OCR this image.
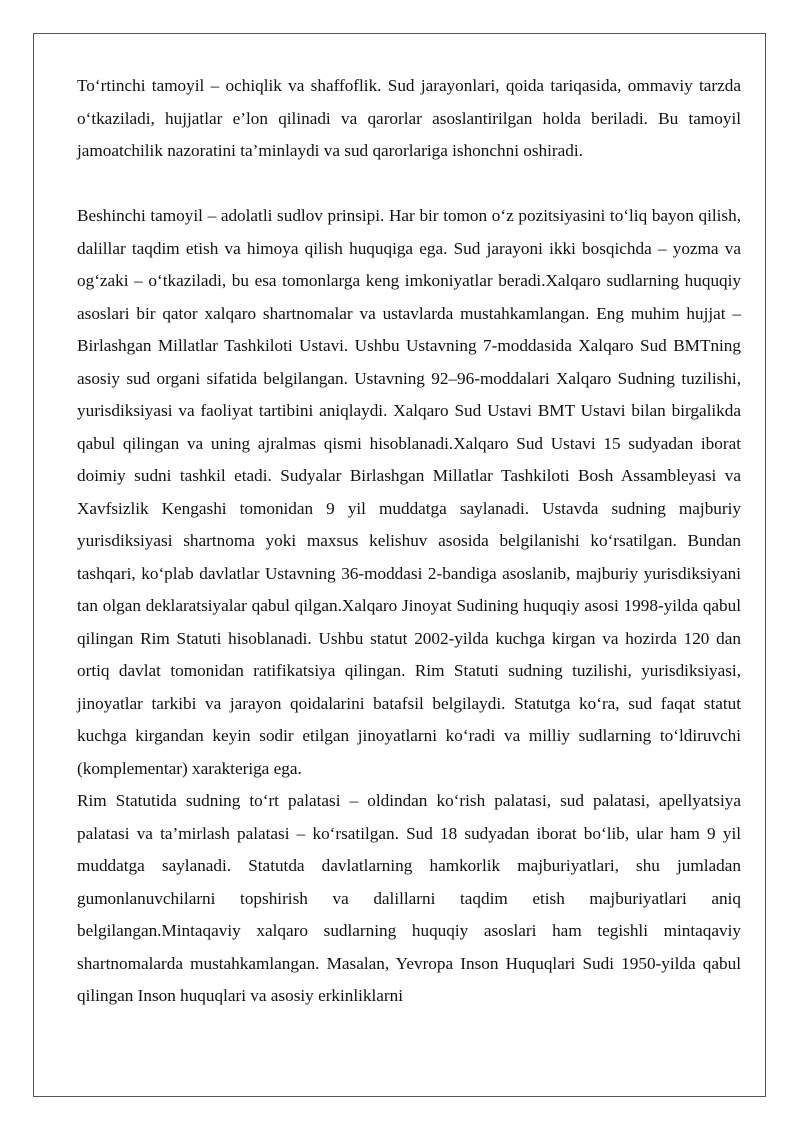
To‘rtinchi tamoyil – ochiqlik va shaffoflik. Sud jarayonlari, qoida tariqasida, ommaviy tarzda o‘tkaziladi, hujjatlar e’lon qilinadi va qarorlar asoslantirilgan holda beriladi. Bu tamoyil jamoatchilik nazoratini ta’minlaydi va sud qarorlariga ishonchni oshiradi.

Beshinchi tamoyil – adolatli sudlov prinsipi. Har bir tomon o‘z pozitsiyasini to‘liq bayon qilish, dalillar taqdim etish va himoya qilish huquqiga ega. Sud jarayoni ikki bosqichda – yozma va og‘zaki – o‘tkaziladi, bu esa tomonlarga keng imkoniyatlar beradi.Xalqaro sudlarning huquqiy asoslari bir qator xalqaro shartnomalar va ustavlarda mustahkamlangan. Eng muhim hujjat – Birlashgan Millatlar Tashkiloti Ustavi. Ushbu Ustavning 7-moddasida Xalqaro Sud BMTning asosiy sud organi sifatida belgilangan. Ustavning 92–96-moddalari Xalqaro Sudning tuzilishi, yurisdiksiyasi va faoliyat tartibini aniqlaydi. Xalqaro Sud Ustavi BMT Ustavi bilan birgalikda qabul qilingan va uning ajralmas qismi hisoblanadi.Xalqaro Sud Ustavi 15 sudyadan iborat doimiy sudni tashkil etadi. Sudyalar Birlashgan Millatlar Tashkiloti Bosh Assambleyasi va Xavfsizlik Kengashi tomonidan 9 yil muddatga saylanadi. Ustavda sudning majburiy yurisdiksiyasi shartnoma yoki maxsus kelishuv asosida belgilanishi ko‘rsatilgan. Bundan tashqari, ko‘plab davlatlar Ustavning 36-moddasi 2-bandiga asoslanib, majburiy yurisdiksiyani tan olgan deklaratsiyalar qabul qilgan.Xalqaro Jinoyat Sudining huquqiy asosi 1998-yilda qabul qilingan Rim Statuti hisoblanadi. Ushbu statut 2002-yilda kuchga kirgan va hozirda 120 dan ortiq davlat tomonidan ratifikatsiya qilingan. Rim Statuti sudning tuzilishi, yurisdiksiyasi, jinoyatlar tarkibi va jarayon qoidalarini batafsil belgilaydi. Statutga ko‘ra, sud faqat statut kuchga kirgandan keyin sodir etilgan jinoyatlarni ko‘radi va milliy sudlarning to‘ldiruvchi (komplementar) xarakteriga ega.

Rim Statutida sudning to‘rt palatasi – oldindan ko‘rish palatasi, sud palatasi, apellyatsiya palatasi va ta’mirlash palatasi – ko‘rsatilgan. Sud 18 sudyadan iborat bo‘lib, ular ham 9 yil muddatga saylanadi. Statutda davlatlarning hamkorlik majburiyatlari, shu jumladan gumonlanuvchilarni topshirish va dalillarni taqdim etish majburiyatlari aniq belgilangan.Mintaqaviy xalqaro sudlarning huquqiy asoslari ham tegishli mintaqaviy shartnomalarda mustahkamlangan. Masalan, Yevropa Inson Huquqlari Sudi 1950-yilda qabul qilingan Inson huquqlari va asosiy erkinliklarni
